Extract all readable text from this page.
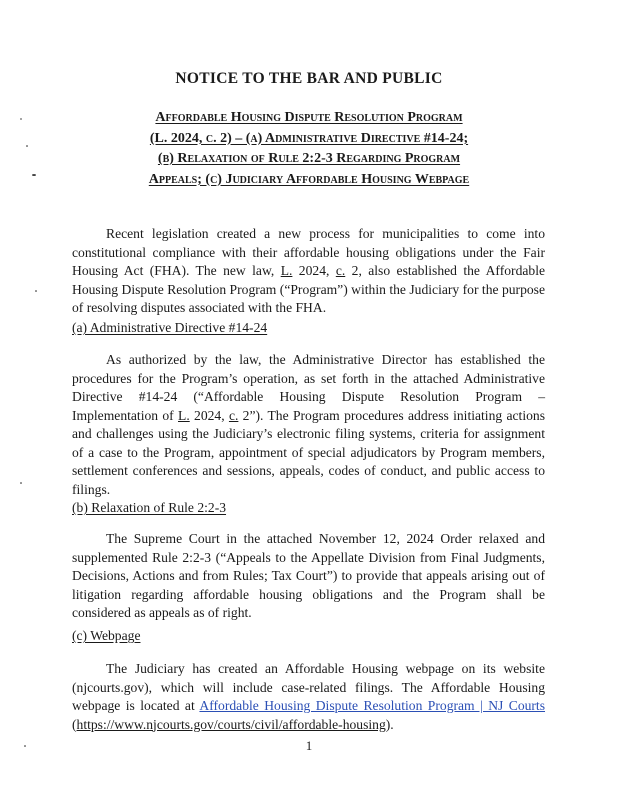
NOTICE TO THE BAR AND PUBLIC
Affordable Housing Dispute Resolution Program
(L. 2024, c. 2) – (a) Administrative Directive #14-24;
(b) Relaxation of Rule 2:2-3 Regarding Program
Appeals; (c) Judiciary Affordable Housing Webpage

Recent legislation created a new process for municipalities to come into constitutional compliance with their affordable housing obligations under the Fair Housing Act (FHA). The new law, L. 2024, c. 2, also established the Affordable Housing Dispute Resolution Program (“Program”) within the Judiciary for the purpose of resolving disputes associated with the FHA.

(a) Administrative Directive #14-24

As authorized by the law, the Administrative Director has established the procedures for the Program’s operation, as set forth in the attached Administrative Directive #14-24 (“Affordable Housing Dispute Resolution Program – Implementation of L. 2024, c. 2”). The Program procedures address initiating actions and challenges using the Judiciary’s electronic filing systems, criteria for assignment of a case to the Program, appointment of special adjudicators by Program members, settlement conferences and sessions, appeals, codes of conduct, and public access to filings.

(b) Relaxation of Rule 2:2-3

The Supreme Court in the attached November 12, 2024 Order relaxed and supplemented Rule 2:2-3 (“Appeals to the Appellate Division from Final Judgments, Decisions, Actions and from Rules; Tax Court”) to provide that appeals arising out of litigation regarding affordable housing obligations and the Program shall be considered as appeals as of right.

(c) Webpage

The Judiciary has created an Affordable Housing webpage on its website (njcourts.gov), which will include case-related filings. The Affordable Housing webpage is located at Affordable Housing Dispute Resolution Program | NJ Courts (https://www.njcourts.gov/courts/civil/affordable-housing).

1
